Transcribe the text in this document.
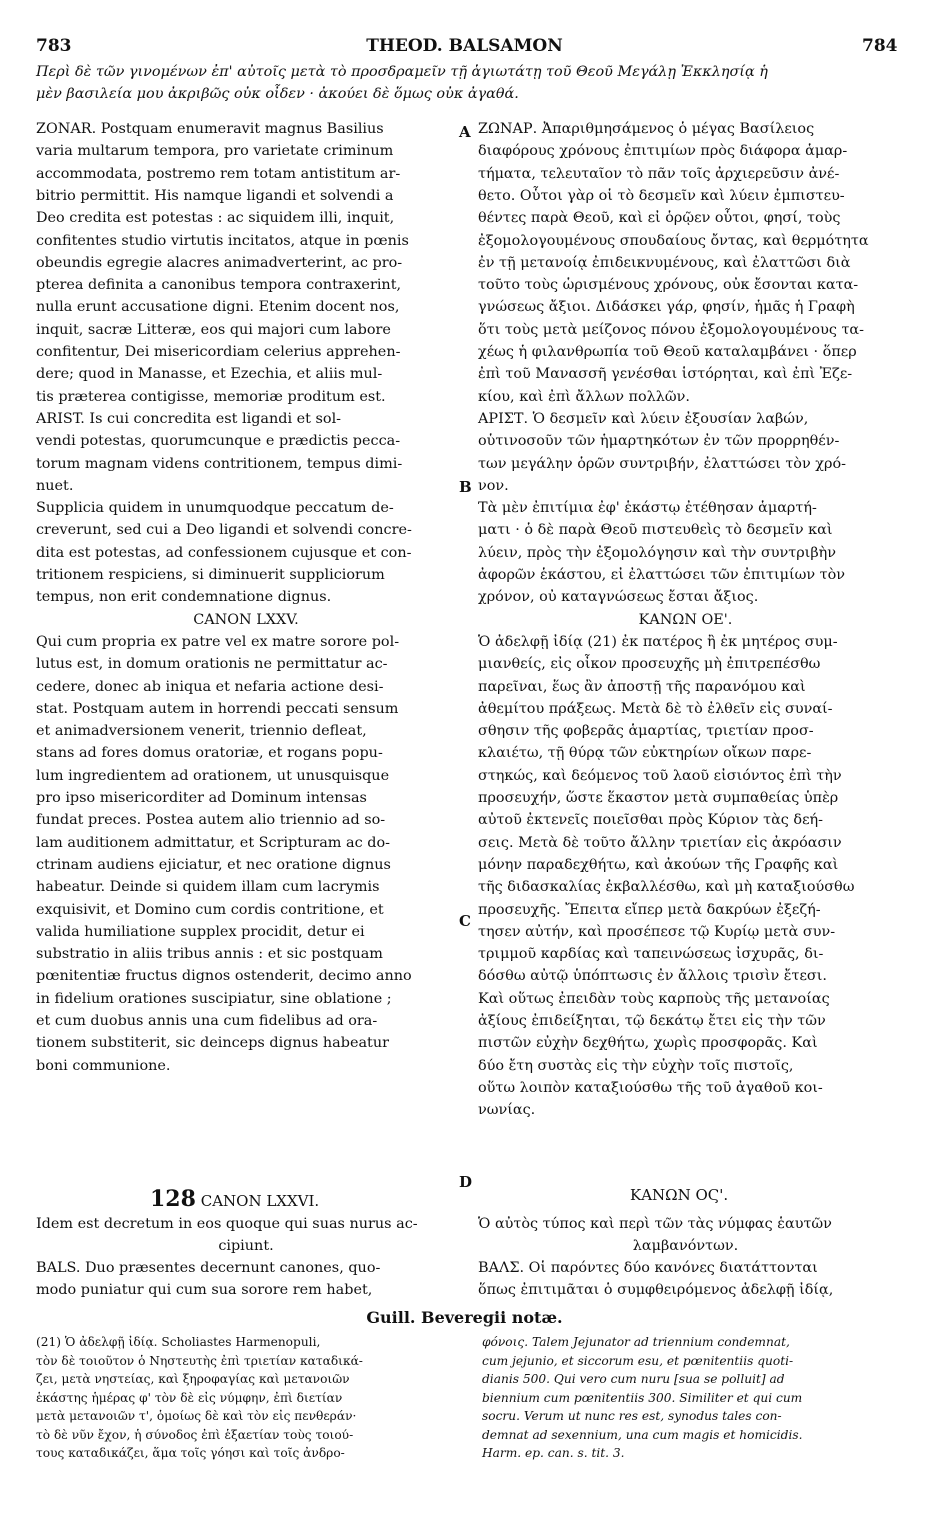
783	THEOD. BALSAMON	784
Περὶ δὲ τῶν γινομένων ἐπ' αὐτοῖς μετὰ τὸ προσδραμεῖν τῇ ἁγιωτάτῃ τοῦ Θεοῦ Μεγάλῃ Ἐκκλησίᾳ ἡ
μὲν βασιλεία μου ἀκριβῶς οὐκ οἶδεν · ἀκούει δὲ ὅμως οὐκ ἀγαθά.
ZONAR. Postquam enumeravit magnus Basilius
varia multarum tempora, pro varietate criminum
accommodata, postremo rem totam antistitum ar-
bitrio permittit. His namque ligandi et solvendi a
Deo credita est potestas : ac siquidem illi, inquit,
confitentes studio virtutis incitatos, atque in pœnis
obeundis egregie alacres animadverterint, ac pro-
pterea definita a canonibus tempora contraxerint,
nulla erunt accusatione digni. Etenim docent nos,
inquit, sacræ Litteræ, eos qui majori cum labore
confitentur, Dei misericordiam celerius apprehen-
dere; quod in Manasse, et Ezechia, et aliis mul-
tis præterea contigisse, memoriæ proditum est.
ARIST. Is cui concredita est ligandi et sol-
vendi potestas, quorumcunque e prædictis pecca-
torum magnam videns contritionem, tempus dimi-
nuet.
Supplicia quidem in unumquodque peccatum de-
creverunt, sed cui a Deo ligandi et solvendi concre-
dita est potestas, ad confessionem cujusque et con-
tritionem respiciens, si diminuerit suppliciorum
tempus, non erit condemnatione dignus.
CANON LXXV.
Qui cum propria ex patre vel ex matre sorore pol-
lutus est, in domum orationis ne permittatur ac-
cedere, donec ab iniqua et nefaria actione desi-
stat. Postquam autem in horrendi peccati sensum
et animadversionem venerit, triennio defleat,
stans ad fores domus oratoriæ, et rogans popu-
lum ingredientem ad orationem, ut unusquisque
pro ipso misericorditer ad Dominum intensas
fundat preces. Postea autem alio triennio ad so-
lam auditionem admittatur, et Scripturam ac do-
ctrinam audiens ejiciatur, et nec oratione dignus
habeatur. Deinde si quidem illam cum lacrymis
exquisivit, et Domino cum cordis contritione, et
valida humiliatione supplex procidit, detur ei
substratio in aliis tribus annis : et sic postquam
pœnitentiæ fructus dignos ostenderit, decimo anno
in fidelium orationes suscipiatur, sine oblatione ;
et cum duobus annis una cum fidelibus ad ora-
tionem substiterit, sic deinceps dignus habeatur
boni communione.
ΖΩΝΑΡ. Ἀπαριθμησάμενος ὁ μέγας Βασίλειος
διαφόρους χρόνους ἐπιτιμίων πρὸς διάφορα ἁμαρ-
τήματα, τελευταῖον τὸ πᾶν τοῖς ἀρχιερεῦσιν ἀνέ-
θετο. Οὗτοι γὰρ οἱ τὸ δεσμεῖν καὶ λύειν ἐμπιστευ-
θέντες παρὰ Θεοῦ, καὶ εἰ ὁρῷεν οὗτοι, φησί, τοὺς
ἐξομολογουμένους σπουδαίους ὄντας, καὶ θερμότητα
ἐν τῇ μετανοίᾳ ἐπιδεικνυμένους, καὶ ἐλαττῶσι διὰ
τοῦτο τοὺς ὡρισμένους χρόνους, οὐκ ἔσονται κατα-
γνώσεως ἄξιοι. Διδάσκει γάρ, φησίν, ἡμᾶς ἡ Γραφὴ
ὅτι τοὺς μετὰ μείζονος πόνου ἐξομολογουμένους τα-
χέως ἡ φιλανθρωπία τοῦ Θεοῦ καταλαμβάνει · ὅπερ
ἐπὶ τοῦ Μανασσῆ γενέσθαι ἱστόρηται, καὶ ἐπὶ Ἐζε-
κίου, καὶ ἐπὶ ἄλλων πολλῶν.
ΑΡΙΣΤ. Ὁ δεσμεῖν καὶ λύειν ἐξουσίαν λαβών,
οὑτινοσοῦν τῶν ἡμαρτηκότων ἐν τῶν προρρηθέν-
των μεγάλην ὁρῶν συντριβήν, ἐλαττώσει τὸν χρό-
νον.
Τὰ μὲν ἐπιτίμια ἐφ' ἑκάστῳ ἐτέθησαν ἁμαρτή-
ματι · ὁ δὲ παρὰ Θεοῦ πιστευθεὶς τὸ δεσμεῖν καὶ
λύειν, πρὸς τὴν ἐξομολόγησιν καὶ τὴν συντριβὴν
ἀφορῶν ἑκάστου, εἰ ἐλαττώσει τῶν ἐπιτιμίων τὸν
χρόνον, οὐ καταγνώσεως ἔσται ἄξιος.
ΚΑΝΩΝ ΟΕ'.
Ὁ ἀδελφῇ ἰδίᾳ (21) ἐκ πατέρος ἢ ἐκ μητέρος συμ-
μιανθείς, εἰς οἶκον προσευχῆς μὴ ἐπιτρεπέσθω
παρεῖναι, ἕως ἂν ἀποστῇ τῆς παρανόμου καὶ
ἀθεμίτου πράξεως. Μετὰ δὲ τὸ ἐλθεῖν εἰς συναί-
σθησιν τῆς φοβερᾶς ἁμαρτίας, τριετίαν προσ-
κλαιέτω, τῇ θύρᾳ τῶν εὐκτηρίων οἴκων παρε-
στηκώς, καὶ δεόμενος τοῦ λαοῦ εἰσιόντος ἐπὶ τὴν
προσευχήν, ὥστε ἕκαστον μετὰ συμπαθείας ὑπὲρ
αὐτοῦ ἐκτενεῖς ποιεῖσθαι πρὸς Κύριον τὰς δεή-
σεις. Μετὰ δὲ τοῦτο ἄλλην τριετίαν εἰς ἀκρόασιν
μόνην παραδεχθήτω, καὶ ἀκούων τῆς Γραφῆς καὶ
τῆς διδασκαλίας ἐκβαλλέσθω, καὶ μὴ καταξιούσθω
προσευχῆς. Ἔπειτα εἴπερ μετὰ δακρύων ἐξεζή-
τησεν αὐτήν, καὶ προσέπεσε τῷ Κυρίῳ μετὰ συν-
τριμμοῦ καρδίας καὶ ταπεινώσεως ἰσχυρᾶς, δι-
δόσθω αὐτῷ ὑπόπτωσις ἐν ἄλλοις τρισὶν ἔτεσι.
Καὶ οὕτως ἐπειδὰν τοὺς καρποὺς τῆς μετανοίας
ἀξίους ἐπιδείξηται, τῷ δεκάτῳ ἔτει εἰς τὴν τῶν
πιστῶν εὐχὴν δεχθήτω, χωρὶς προσφορᾶς. Καὶ
δύο ἔτη συστὰς εἰς τὴν εὐχὴν τοῖς πιστοῖς,
οὕτω λοιπὸν καταξιούσθω τῆς τοῦ ἀγαθοῦ κοι-
νωνίας.
A
B
C
D
128 CANON LXXVI.
Idem est decretum in eos quoque qui suas nurus ac-
cipiunt.
BALS. Duo præsentes decernunt canones, quo-
modo puniatur qui cum sua sorore rem habet,
ΚΑΝΩΝ ΟϚ'.
Ὁ αὐτὸς τύπος καὶ περὶ τῶν τὰς νύμφας ἑαυτῶν
λαμβανόντων.
ΒΑΛΣ. Οἱ παρόντες δύο κανόνες διατάττονται
ὅπως ἐπιτιμᾶται ὁ συμφθειρόμενος ἀδελφῇ ἰδίᾳ,
Guill. Beveregii notæ.
(21) Ὁ ἀδελφῇ ἰδίᾳ. Scholiastes Harmenopuli,
τὸν δὲ τοιοῦτον ὁ Νηστευτὴς ἐπὶ τριετίαν καταδικά-
ζει, μετὰ νηστείας, καὶ ξηροφαγίας καὶ μετανοιῶν
ἑκάστης ἡμέρας φ' τὸν δὲ εἰς νύμφην, ἐπὶ διετίαν
μετὰ μετανοιῶν τ', ὁμοίως δὲ καὶ τὸν εἰς πενθεράν·
τὸ δὲ νῦν ἔχον, ἡ σύνοδος ἐπὶ ἑξαετίαν τοὺς τοιού-
τους καταδικάζει, ἅμα τοῖς γόησι καὶ τοῖς ἀνδρο-
φόνοις. Talem Jejunator ad triennium condemnat,
cum jejunio, et siccorum esu, et pœnitentiis quoti-
dianis 500. Qui vero cum nuru [sua se polluit] ad
biennium cum pœnitentiis 300. Similiter et qui cum
socru. Verum ut nunc res est, synodus tales con-
demnat ad sexennium, una cum magis et homicidis.
Harm. ep. can. s. tit. 3.
